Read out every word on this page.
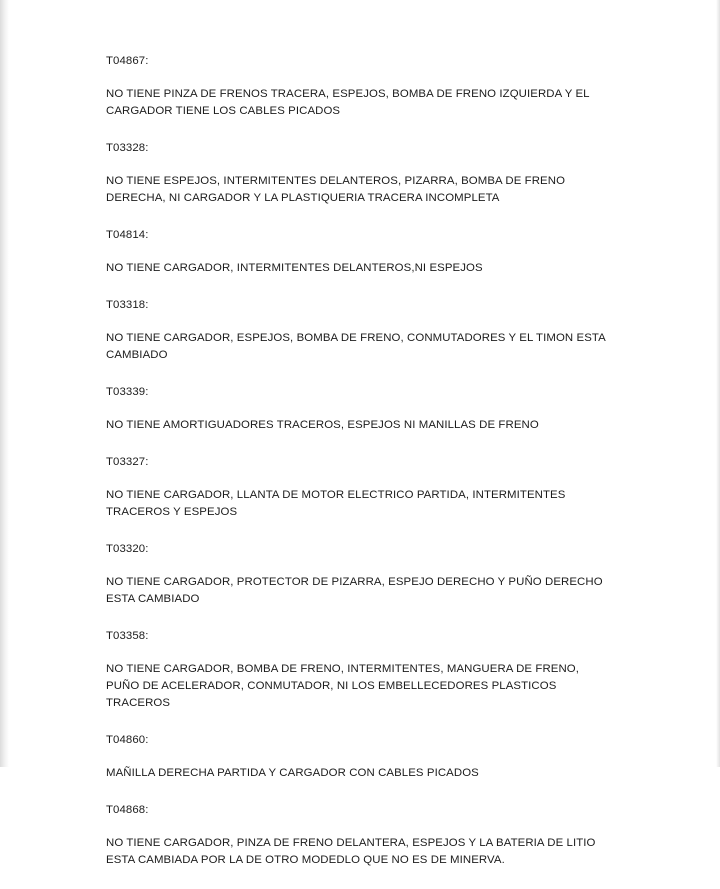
T04867:
NO TIENE PINZA DE FRENOS TRACERA, ESPEJOS, BOMBA DE FRENO IZQUIERDA Y EL CARGADOR TIENE LOS CABLES PICADOS
T03328:
NO TIENE ESPEJOS, INTERMITENTES DELANTEROS, PIZARRA, BOMBA DE FRENO DERECHA, NI CARGADOR Y LA PLASTIQUERIA TRACERA INCOMPLETA
T04814:
NO TIENE CARGADOR, INTERMITENTES DELANTEROS,NI ESPEJOS
T03318:
NO TIENE CARGADOR, ESPEJOS, BOMBA DE FRENO, CONMUTADORES Y EL TIMON ESTA CAMBIADO
T03339:
NO TIENE AMORTIGUADORES TRACEROS, ESPEJOS NI MANILLAS DE FRENO
T03327:
NO TIENE CARGADOR, LLANTA DE MOTOR ELECTRICO PARTIDA, INTERMITENTES TRACEROS Y ESPEJOS
T03320:
NO TIENE CARGADOR, PROTECTOR DE PIZARRA, ESPEJO DERECHO Y PUÑO DERECHO ESTA CAMBIADO
T03358:
NO TIENE CARGADOR, BOMBA DE FRENO, INTERMITENTES, MANGUERA DE FRENO, PUÑO DE ACELERADOR, CONMUTADOR, NI LOS EMBELLECEDORES PLASTICOS TRACEROS
T04860:
MAÑILLA DERECHA PARTIDA Y CARGADOR CON CABLES PICADOS
T04868:
NO TIENE CARGADOR, PINZA DE FRENO DELANTERA, ESPEJOS Y LA BATERIA DE LITIO ESTA CAMBIADA POR LA DE OTRO MODEDLO QUE NO ES DE MINERVA.
